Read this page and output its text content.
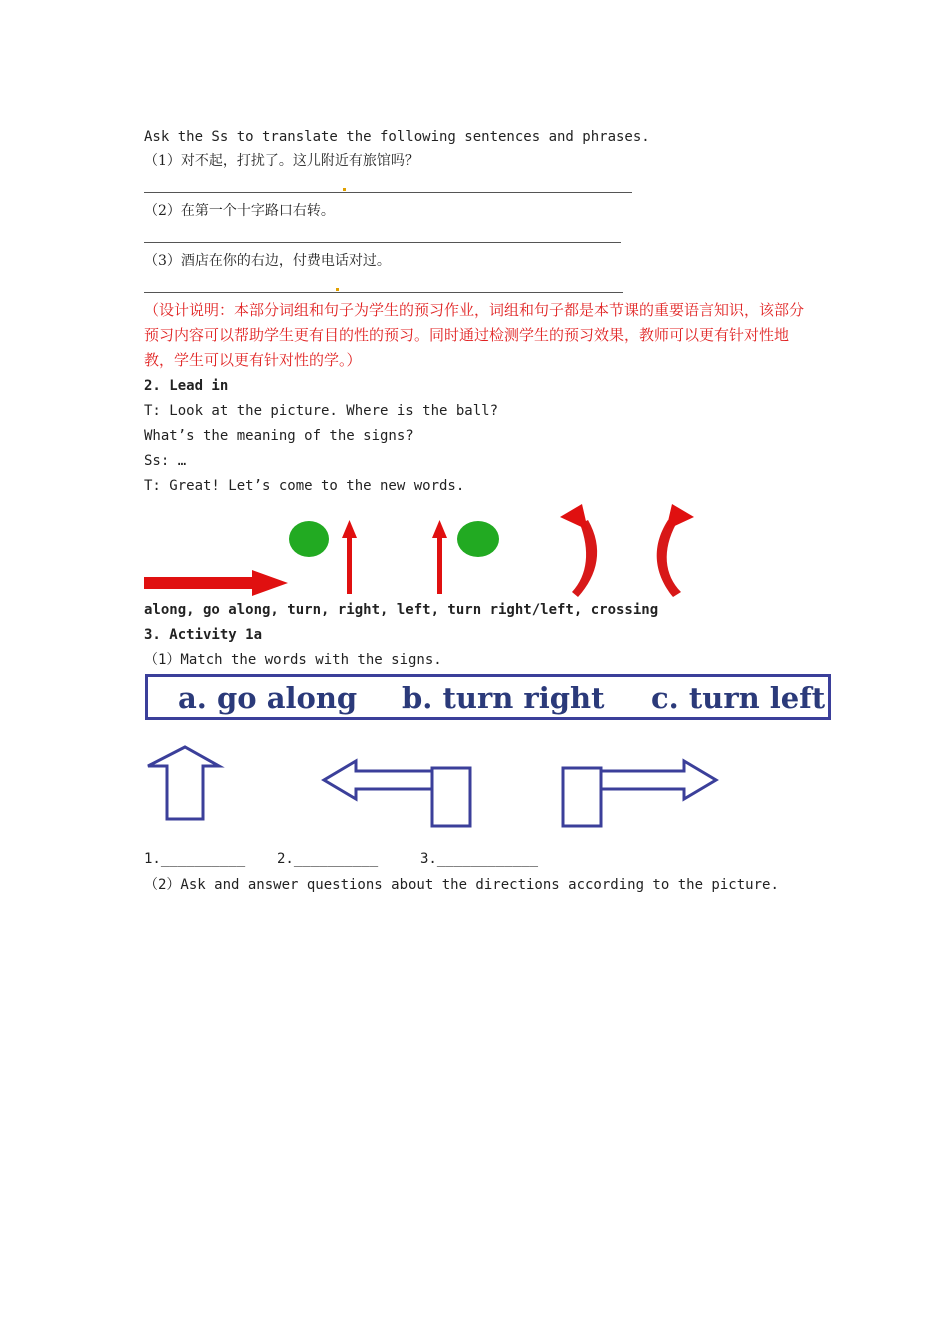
Ask the Ss to translate the following sentences and phrases.
（1）对不起，打扰了。这儿附近有旅馆吗？
（2）在第一个十字路口右转。
（3）酒店在你的右边，付费电话对过。
（设计说明：本部分词组和句子为学生的预习作业，词组和句子都是本节课的重要语言知识，该部分预习内容可以帮助学生更有目的性的预习。同时通过检测学生的预习效果，教师可以更有针对性地教，学生可以更有针对性的学。）
2. Lead in
T: Look at the picture. Where is the ball?
What’s the meaning of the signs?
Ss: …
T: Great! Let’s come to the new words.
along, go along, turn, right, left, turn right/left, crossing
3. Activity 1a
（1）Match the words with the signs.
a. go along b. turn right c. turn left
1.__________ 2.__________	3.____________
（2）Ask and answer questions about the directions according to the picture.
